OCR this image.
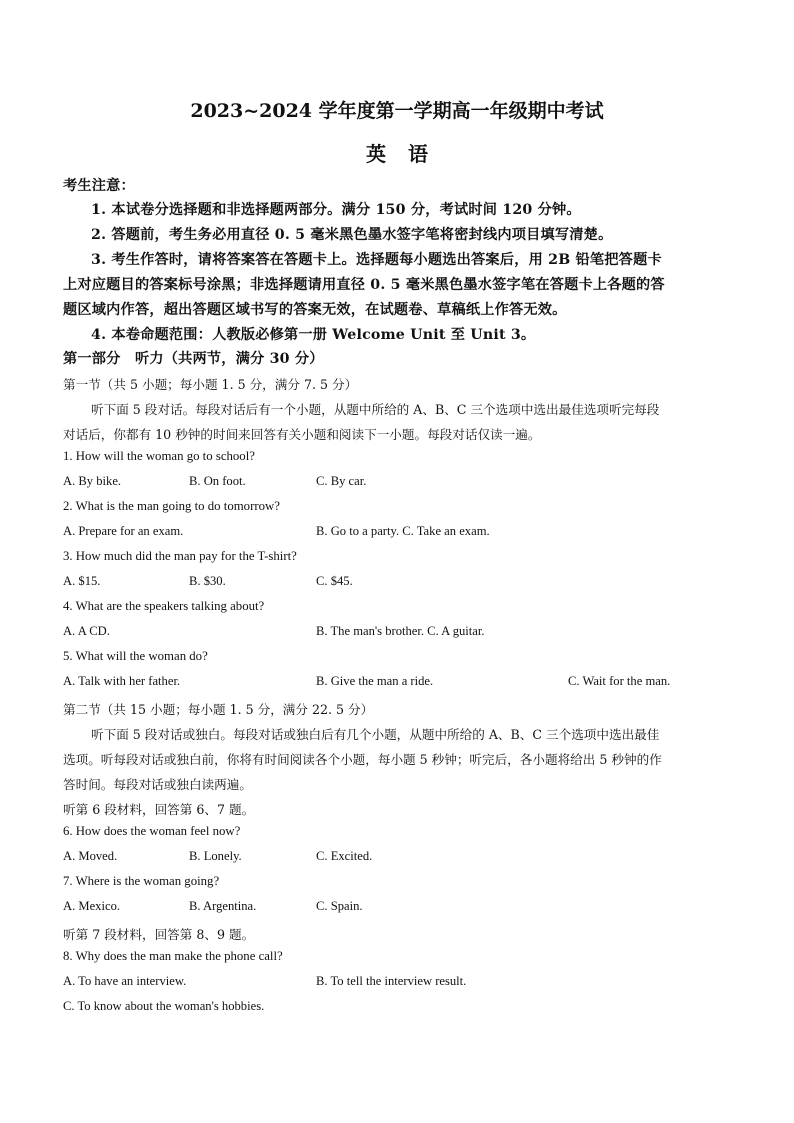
2023~2024 学年度第一学期高一年级期中考试
英语
考生注意：
1. 本试卷分选择题和非选择题两部分。满分 150 分，考试时间 120 分钟。
2. 答题前，考生务必用直径 0. 5 毫米黑色墨水签字笔将密封线内项目填写清楚。
3. 考生作答时，请将答案答在答题卡上。选择题每小题选出答案后，用 2B 铅笔把答题卡
上对应题目的答案标号涂黑；非选择题请用直径 0. 5 毫米黑色墨水签字笔在答题卡上各题的答
题区域内作答，超出答题区域书写的答案无效，在试题卷、草稿纸上作答无效。
4. 本卷命题范围：人教版必修第一册 Welcome Unit 至 Unit 3。
第一部分　听力（共两节，满分 30 分）
第一节（共 5 小题；每小题 1. 5 分，满分 7. 5 分）
听下面 5 段对话。每段对话后有一个小题，从题中所给的 A、B、C 三个选项中选出最佳选项听完每段
对话后，你都有 10 秒钟的时间来回答有关小题和阅读下一小题。每段对话仅读一遍。
1. How will the woman go to school?
A. By bike.	B. On foot.	C. By car.
2. What is the man going to do tomorrow?
A. Prepare for an exam.	B. Go to a party. C. Take an exam.
3. How much did the man pay for the T-shirt?
A. $15.	B. $30.	C. $45.
4. What are the speakers talking about?
A. A CD.	B. The man's brother. C. A guitar.
5. What will the woman do?
A. Talk with her father.	B. Give the man a ride.	C. Wait for the man.
第二节（共 15 小题；每小题 1. 5 分，满分 22. 5 分）
听下面 5 段对话或独白。每段对话或独白后有几个小题，从题中所给的 A、B、C 三个选项中选出最佳
选项。听每段对话或独白前，你将有时间阅读各个小题，每小题 5 秒钟；听完后，各小题将给出 5 秒钟的作
答时间。每段对话或独白读两遍。
听第 6 段材料，回答第 6、7 题。
6. How does the woman feel now?
A. Moved.	B. Lonely.	C. Excited.
7. Where is the woman going?
A. Mexico.	B. Argentina.	C. Spain.
听第 7 段材料，回答第 8、9 题。
8. Why does the man make the phone call?
A. To have an interview.	B. To tell the interview result.
C. To know about the woman's hobbies.
